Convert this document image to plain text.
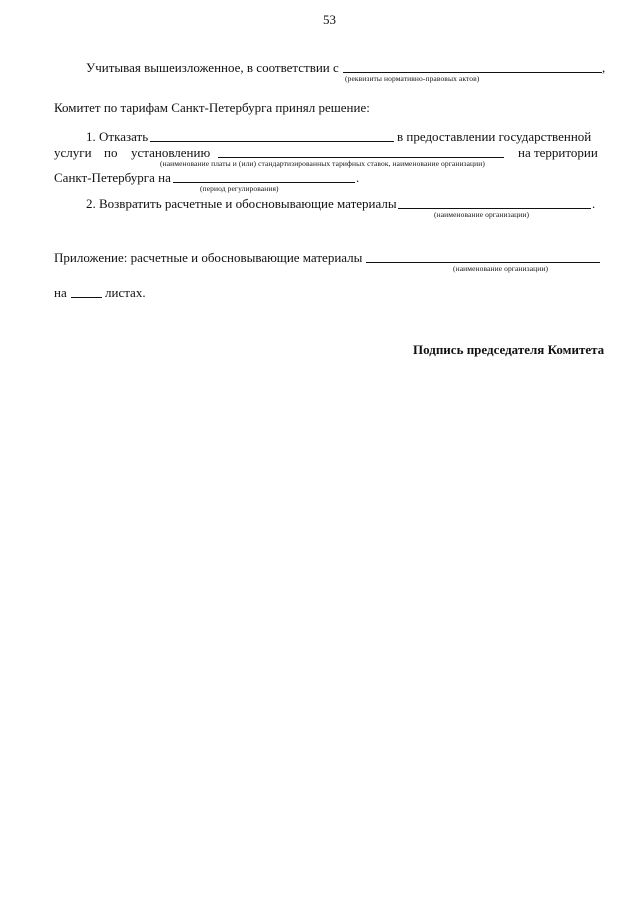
53
Учитывая вышеизложенное, в соответствии с	,
(реквизиты нормативно-правовых актов)
Комитет по тарифам Санкт-Петербурга принял решение:
1. Отказать	в предоставлении государственной
услуги по установлению	на территории
(наименование платы и (или) стандартизированных тарифных ставок, наименование организации)
Санкт-Петербурга на	.
(период регулирования)
2. Возвратить расчетные и обосновывающие материалы	.
(наименование организации)
Приложение: расчетные и обосновывающие материалы
(наименование организации)
на	листах.
Подпись председателя Комитета
